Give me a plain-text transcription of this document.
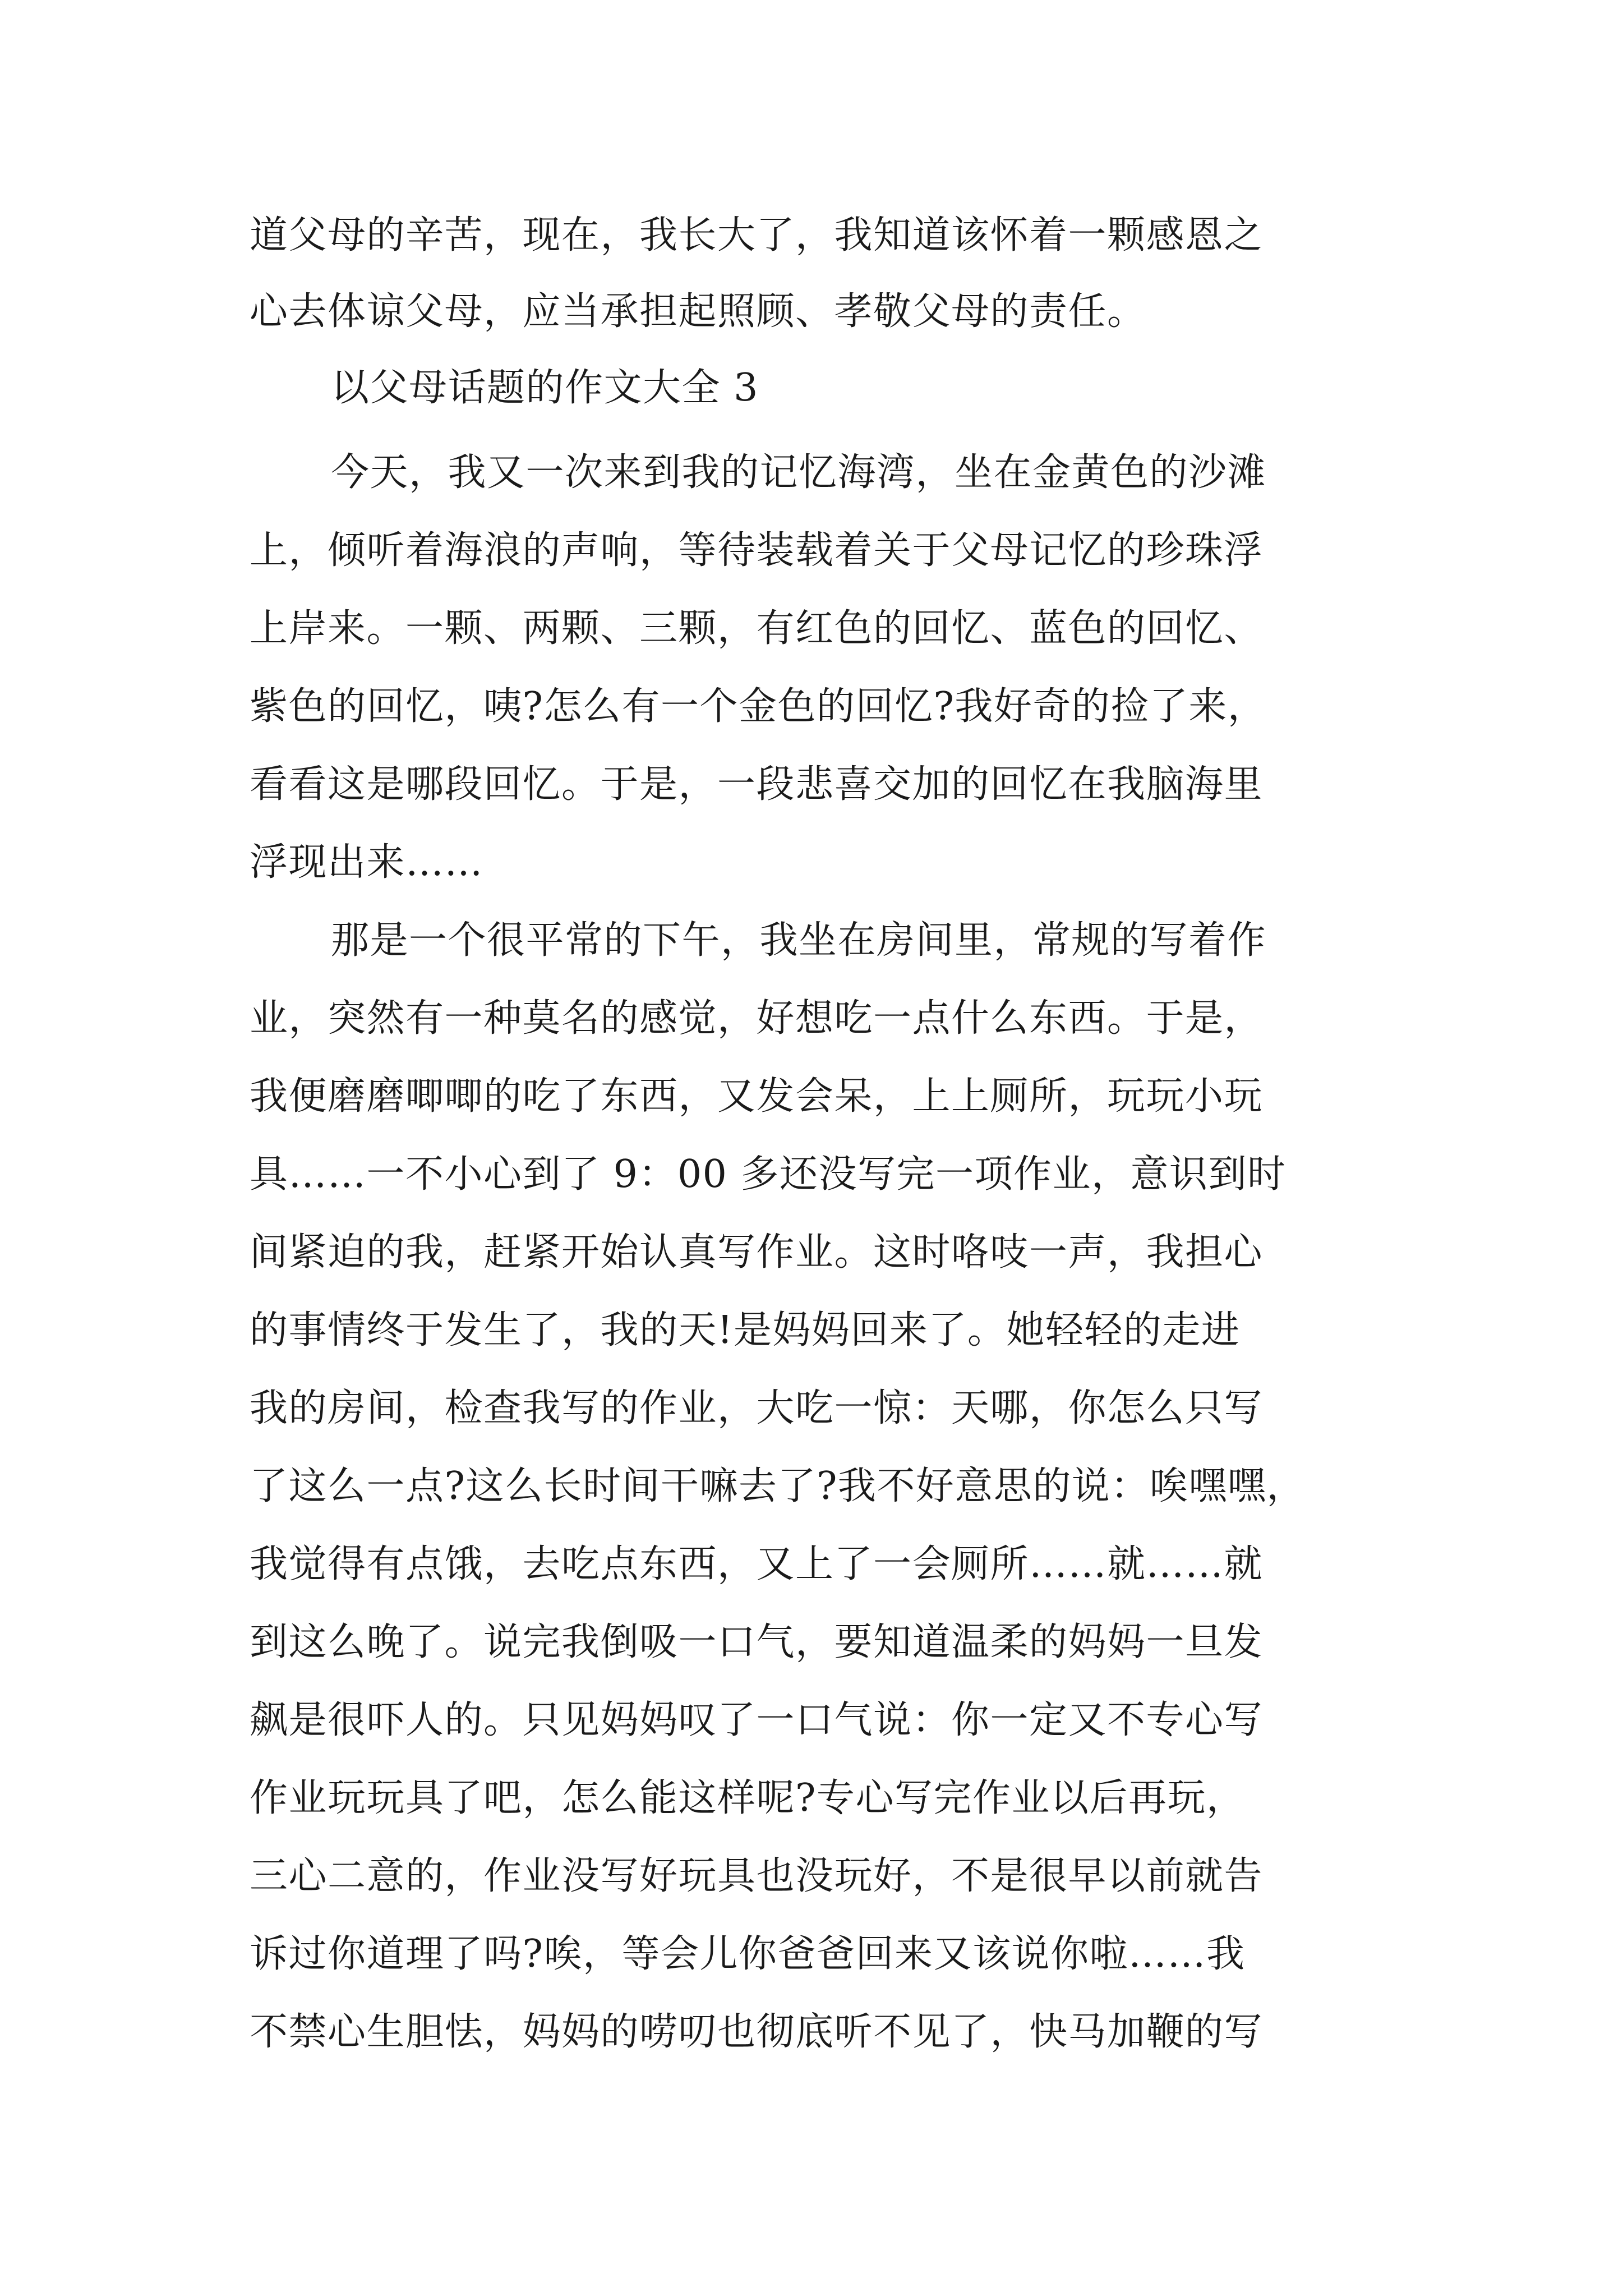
道父母的辛苦，现在，我长大了，我知道该怀着一颗感恩之
心去体谅父母，应当承担起照顾、孝敬父母的责任。
以父母话题的作文大全 3
今天，我又一次来到我的记忆海湾，坐在金黄色的沙滩
上，倾听着海浪的声响，等待装载着关于父母记忆的珍珠浮
上岸来。一颗、两颗、三颗，有红色的回忆、蓝色的回忆、
紫色的回忆，咦?怎么有一个金色的回忆?我好奇的捡了来，
看看这是哪段回忆。于是，一段悲喜交加的回忆在我脑海里
浮现出来……
那是一个很平常的下午，我坐在房间里，常规的写着作
业，突然有一种莫名的感觉，好想吃一点什么东西。于是，
我便磨磨唧唧的吃了东西，又发会呆，上上厕所，玩玩小玩
具……一不小心到了 9：00 多还没写完一项作业，意识到时
间紧迫的我，赶紧开始认真写作业。这时咯吱一声，我担心
的事情终于发生了，我的天!是妈妈回来了。她轻轻的走进
我的房间，检查我写的作业，大吃一惊：天哪，你怎么只写
了这么一点?这么长时间干嘛去了?我不好意思的说：唉嘿嘿，
我觉得有点饿，去吃点东西，又上了一会厕所……就……就
到这么晚了。说完我倒吸一口气，要知道温柔的妈妈一旦发
飙是很吓人的。只见妈妈叹了一口气说：你一定又不专心写
作业玩玩具了吧，怎么能这样呢?专心写完作业以后再玩，
三心二意的，作业没写好玩具也没玩好，不是很早以前就告
诉过你道理了吗?唉，等会儿你爸爸回来又该说你啦……我
不禁心生胆怯，妈妈的唠叨也彻底听不见了，快马加鞭的写
